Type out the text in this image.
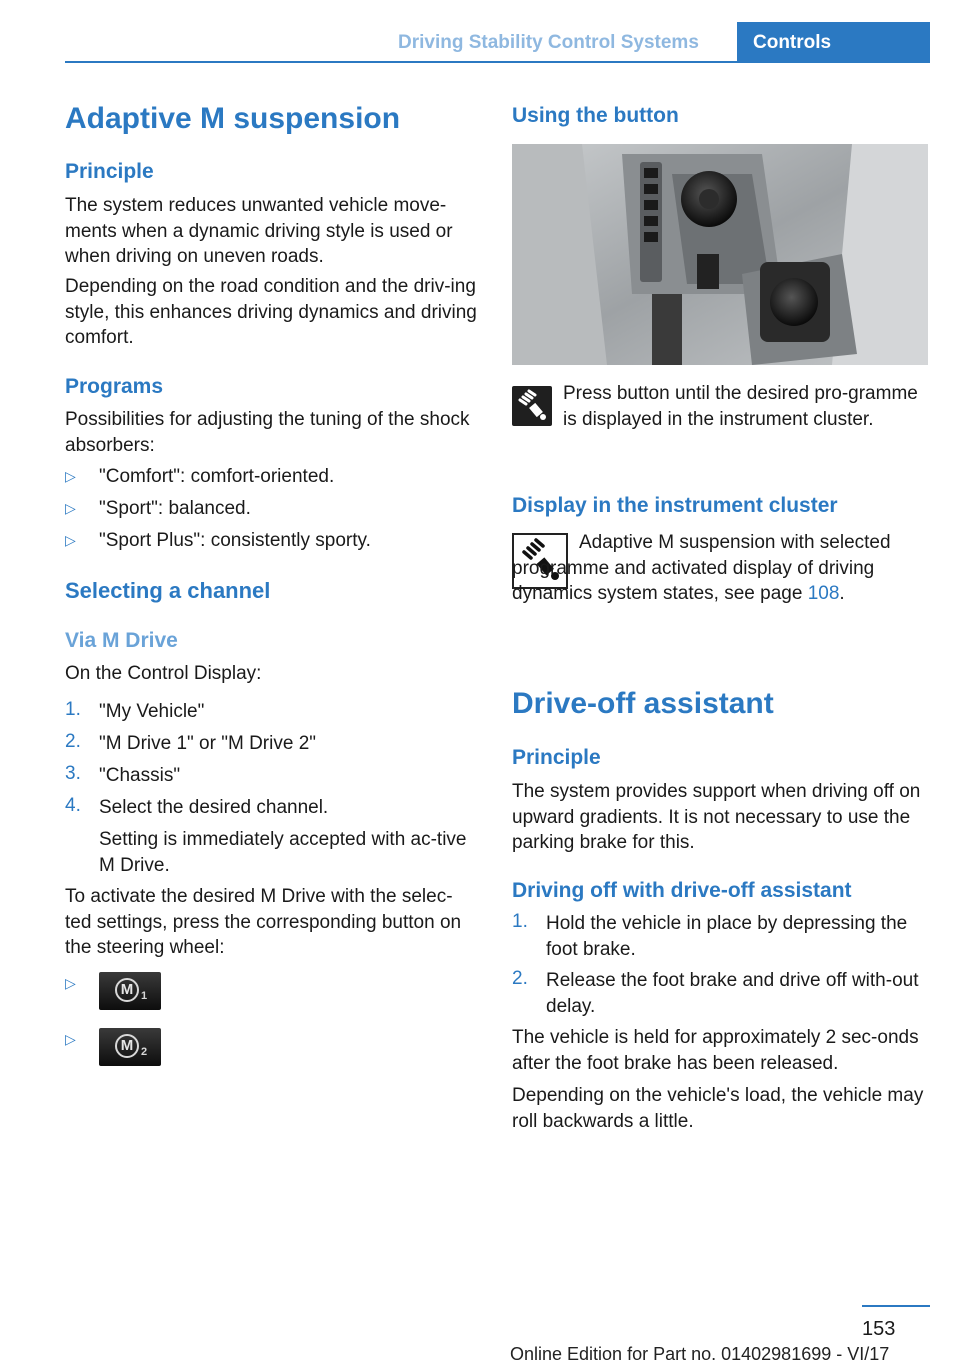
Driving Stability Control Systems	Controls
Adaptive M suspension
Principle

The system reduces unwanted vehicle move‐ments when a dynamic driving style is used or when driving on uneven roads.

Depending on the road condition and the driv‐ing style, this enhances driving dynamics and driving comfort.

Programs

Possibilities for adjusting the tuning of the shock absorbers:

▷ "Comfort": comfort-oriented.
▷ "Sport": balanced.
▷ "Sport Plus": consistently sporty.
Selecting a channel
Via M Drive

On the Control Display:

1. "My Vehicle"
2. "M Drive 1" or "M Drive 2"
3. "Chassis"
4. Select the desired channel.

Setting is immediately accepted with ac‐tive M Drive.

To activate the desired M Drive with the selec‐ted settings, press the corresponding button on the steering wheel:

▷	M 1
▷	M 2
Using the button

Press button until the desired pro‐gramme is displayed in the instrument cluster.

Display in the instrument cluster

Adaptive M suspension with selected programme and activated display of driving dynamics system states, see page 108.

Drive-off assistant
Principle

The system provides support when driving off on upward gradients. It is not necessary to use the parking brake for this.

Driving off with drive-off assistant
1. Hold the vehicle in place by depressing the foot brake.

2. Release the foot brake and drive off with‐out delay.

The vehicle is held for approximately 2 sec‐onds after the foot brake has been released.

Depending on the vehicle's load, the vehicle may roll backwards a little.

153
Online Edition for Part no. 01402981699 - VI/17
